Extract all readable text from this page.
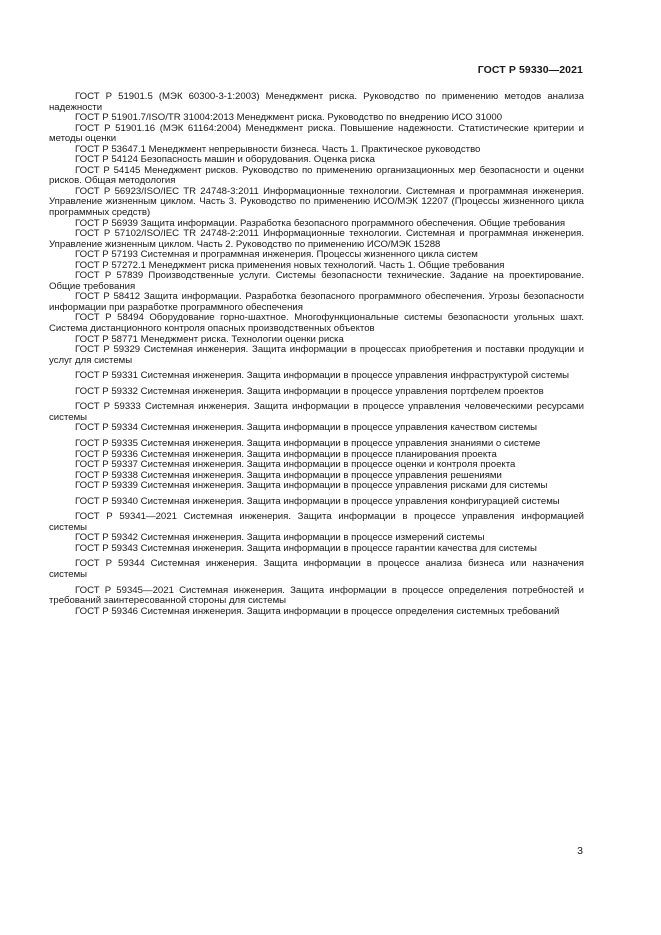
ГОСТ Р 59330—2021

ГОСТ Р 51901.5 (МЭК 60300-3-1:2003) Менеджмент риска. Руководство по применению методов анализа надежности

ГОСТ Р 51901.7/ISO/TR 31004:2013 Менеджмент риска. Руководство по внедрению ИСО 31000

ГОСТ Р 51901.16 (МЭК 61164:2004) Менеджмент риска. Повышение надежности. Статистические критерии и методы оценки

ГОСТ Р 53647.1 Менеджмент непрерывности бизнеса. Часть 1. Практическое руководство

ГОСТ Р 54124 Безопасность машин и оборудования. Оценка риска

ГОСТ Р 54145 Менеджмент рисков. Руководство по применению организационных мер безопасности и оценки рисков. Общая методология

ГОСТ Р 56923/ISO/IEC TR 24748-3:2011 Информационные технологии. Системная и программная инженерия. Управление жизненным циклом. Часть 3. Руководство по применению ИСО/МЭК 12207 (Процессы жизненного цикла программных средств)

ГОСТ Р 56939 Защита информации. Разработка безопасного программного обеспечения. Общие требования

ГОСТ Р 57102/ISO/IEC TR 24748-2:2011 Информационные технологии. Системная и программная инженерия. Управление жизненным циклом. Часть 2. Руководство по применению ИСО/МЭК 15288

ГОСТ Р 57193 Системная и программная инженерия. Процессы жизненного цикла систем

ГОСТ Р 57272.1 Менеджмент риска применения новых технологий. Часть 1. Общие требования

ГОСТ Р 57839 Производственные услуги. Системы безопасности технические. Задание на проектирование. Общие требования

ГОСТ Р 58412 Защита информации. Разработка безопасного программного обеспечения. Угрозы безопасности информации при разработке программного обеспечения

ГОСТ Р 58494 Оборудование горно-шахтное. Многофункциональные системы безопасности угольных шахт. Система дистанционного контроля опасных производственных объектов

ГОСТ Р 58771 Менеджмент риска. Технологии оценки риска

ГОСТ Р 59329 Системная инженерия. Защита информации в процессах приобретения и поставки продукции и услуг для системы

ГОСТ Р 59331 Системная инженерия. Защита информации в процессе управления инфраструктурой системы

ГОСТ Р 59332 Системная инженерия. Защита информации в процессе управления портфелем проектов

ГОСТ Р 59333 Системная инженерия. Защита информации в процессе управления человеческими ресурсами системы

ГОСТ Р 59334 Системная инженерия. Защита информации в процессе управления качеством системы

ГОСТ Р 59335 Системная инженерия. Защита информации в процессе управления знаниями о системе

ГОСТ Р 59336 Системная инженерия. Защита информации в процессе планирования проекта

ГОСТ Р 59337 Системная инженерия. Защита информации в процессе оценки и контроля проекта

ГОСТ Р 59338 Системная инженерия. Защита информации в процессе управления решениями

ГОСТ Р 59339 Системная инженерия. Защита информации в процессе управления рисками для системы

ГОСТ Р 59340 Системная инженерия. Защита информации в процессе управления конфигурацией системы

ГОСТ Р 59341—2021 Системная инженерия. Защита информации в процессе управления информацией системы

ГОСТ Р 59342 Системная инженерия. Защита информации в процессе измерений системы

ГОСТ Р 59343 Системная инженерия. Защита информации в процессе гарантии качества для системы

ГОСТ Р 59344 Системная инженерия. Защита информации в процессе анализа бизнеса или назначения системы

ГОСТ Р 59345—2021 Системная инженерия. Защита информации в процессе определения потребностей и требований заинтересованной стороны для системы

ГОСТ Р 59346 Системная инженерия. Защита информации в процессе определения системных требований

3
